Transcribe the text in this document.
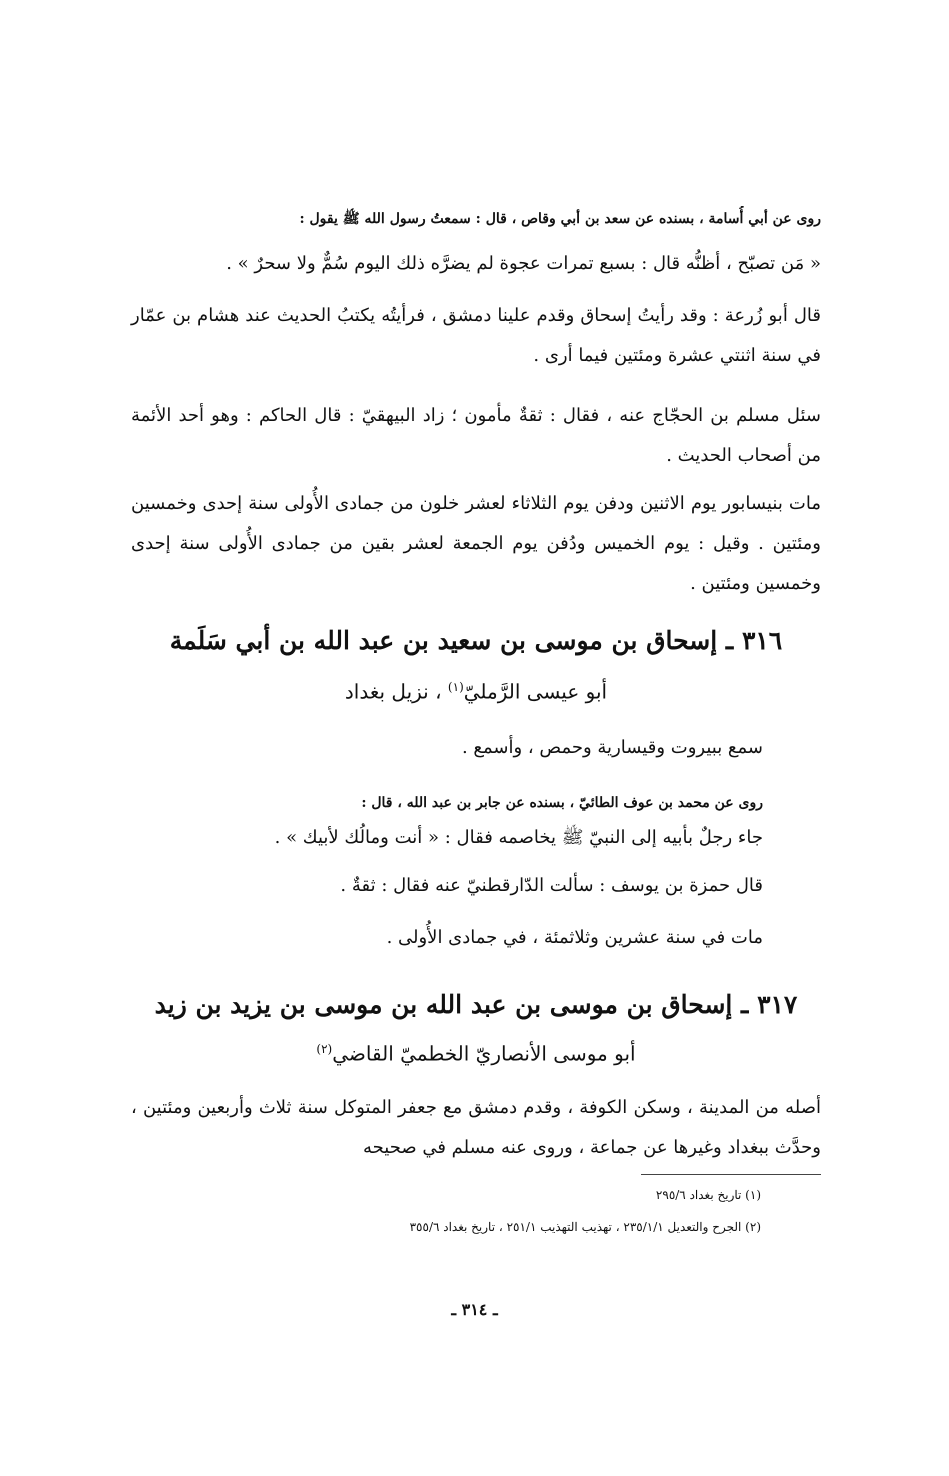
روى عن أبي أُسامة ، بسنده عن سعد بن أبي وقاص ، قال : سمعتُ رسول الله ﷺ يقول :
« مَن تصبّح ، أظنُّه قال : بسبع تمرات عجوة لم يضرَّه ذلك اليوم سُمٌّ ولا سحرٌ » .
قال أبو زُرعة : وقد رأيتُ إسحاق وقدم علينا دمشق ، فرأيتُه يكتبُ الحديث عند هشام بن عمّار في سنة اثنتي عشرة ومئتين فيما أرى .
سئل مسلم بن الحجّاج عنه ، فقال : ثقةٌ مأمون ؛ زاد البيهقيّ : قال الحاكم : وهو أحد الأئمة من أصحاب الحديث .
مات بنيسابور يوم الاثنين ودفن يوم الثلاثاء لعشر خلون من جمادى الأُولى سنة إحدى وخمسين ومئتين . وقيل : يوم الخميس ودُفن يوم الجمعة لعشر بقين من جمادى الأُولى سنة إحدى وخمسين ومئتين .
٣١٦ ـ إسحاق بن موسى بن سعيد بن عبد الله بن أبي سَلَمة
أبو عيسى الرَّمليّ$^{(١)}$ ، نزيل بغداد
سمع ببيروت وقيسارية وحمص ، وأسمع .
روى عن محمد بن عوف الطائيّ ، بسنده عن جابر بن عبد الله ، قال :
جاء رجلٌ بأبيه إلى النبيّ ﷺ يخاصمه فقال : « أنت ومالُك لأبيك » .
قال حمزة بن يوسف : سألت الدّارقطنيّ عنه فقال : ثقةٌ .
مات في سنة عشرين وثلاثمئة ، في جمادى الأُولى .
٣١٧ ـ إسحاق بن موسى بن عبد الله بن موسى بن يزيد بن زيد
أبو موسى الأنصاريّ الخطميّ القاضي$^{(٢)}$
أصله من المدينة ، وسكن الكوفة ، وقدم دمشق مع جعفر المتوكل سنة ثلاث وأربعين ومئتين ، وحدَّث ببغداد وغيرها عن جماعة ، وروى عنه مسلم في صحيحه
(١) تاريخ بغداد ٢٩٥/٦
(٢) الجرح والتعديل ٢٣٥/١/١ ، تهذيب التهذيب ٢٥١/١ ، تاريخ بغداد ٣٥٥/٦
ـ ٣١٤ ـ
